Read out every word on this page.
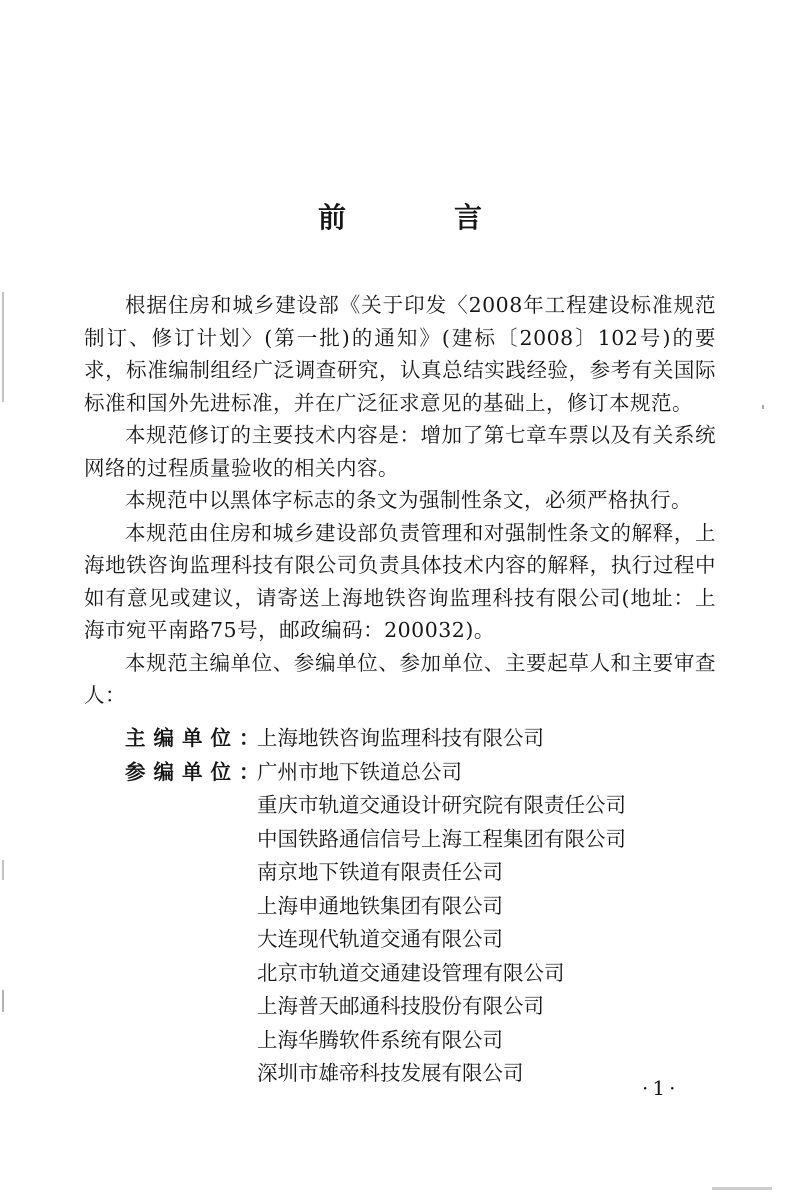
前　言

根据住房和城乡建设部《关于印发〈2008年工程建设标准规范制订、修订计划〉(第一批)的通知》(建标〔2008〕102号)的要求，标准编制组经广泛调查研究，认真总结实践经验，参考有关国际标准和国外先进标准，并在广泛征求意见的基础上，修订本规范。

本规范修订的主要技术内容是：增加了第七章车票以及有关系统网络的过程质量验收的相关内容。

本规范中以黑体字标志的条文为强制性条文，必须严格执行。

本规范由住房和城乡建设部负责管理和对强制性条文的解释，上海地铁咨询监理科技有限公司负责具体技术内容的解释，执行过程中如有意见或建议，请寄送上海地铁咨询监理科技有限公司(地址：上海市宛平南路75号，邮政编码：200032)。

本规范主编单位、参编单位、参加单位、主要起草人和主要审查人：

主编单位：
上海地铁咨询监理科技有限公司
参编单位：
广州市地下铁道总公司
重庆市轨道交通设计研究院有限责任公司
中国铁路通信信号上海工程集团有限公司
南京地下铁道有限责任公司
上海申通地铁集团有限公司
大连现代轨道交通有限公司
北京市轨道交通建设管理有限公司
上海普天邮通科技股份有限公司
上海华腾软件系统有限公司
深圳市雄帝科技发展有限公司
·1·
